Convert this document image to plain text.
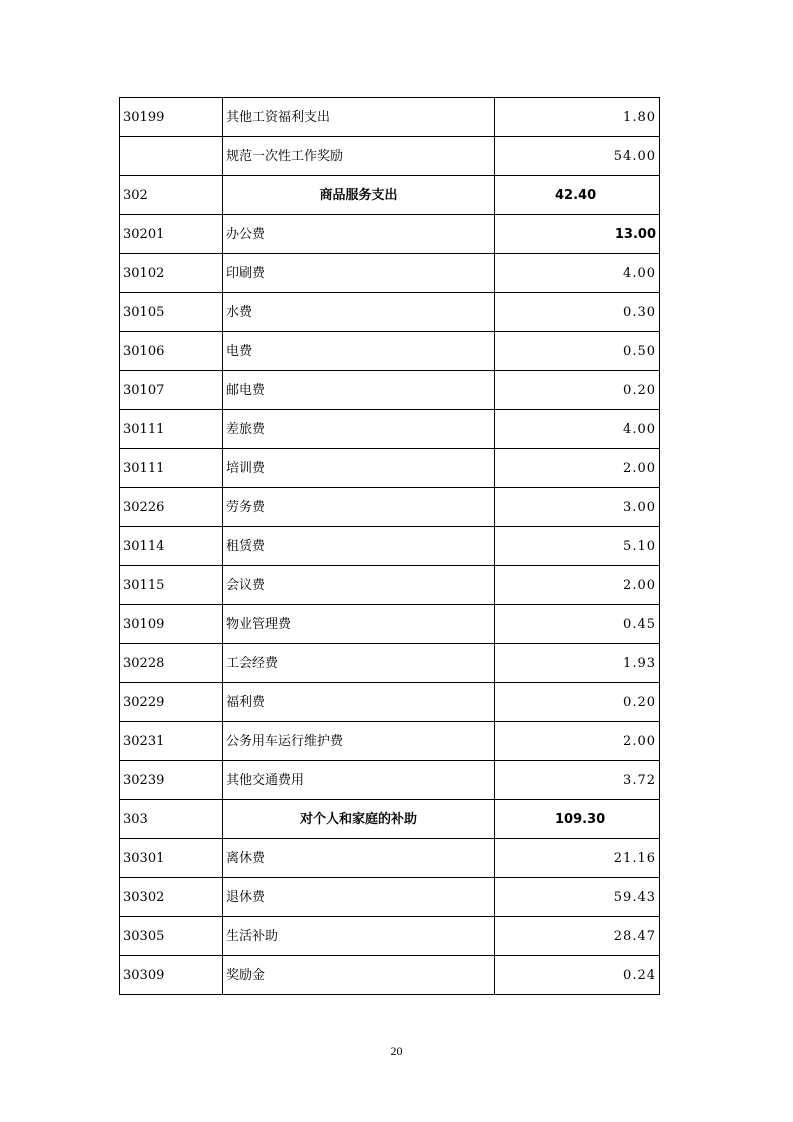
30199	其他工资福利支出	1.80
	规范一次性工作奖励	54.00
302	商品服务支出	42.40
30201	办公费	13.00
30102	印刷费	4.00
30105	水费	0.30
30106	电费	0.50
30107	邮电费	0.20
30111	差旅费	4.00
30111	培训费	2.00
30226	劳务费	3.00
30114	租赁费	5.10
30115	会议费	2.00
30109	物业管理费	0.45
30228	工会经费	1.93
30229	福利费	0.20
30231	公务用车运行维护费	2.00
30239	其他交通费用	3.72
303	对个人和家庭的补助	109.30
30301	离休费	21.16
30302	退休费	59.43
30305	生活补助	28.47
30309	奖励金	0.24
20
